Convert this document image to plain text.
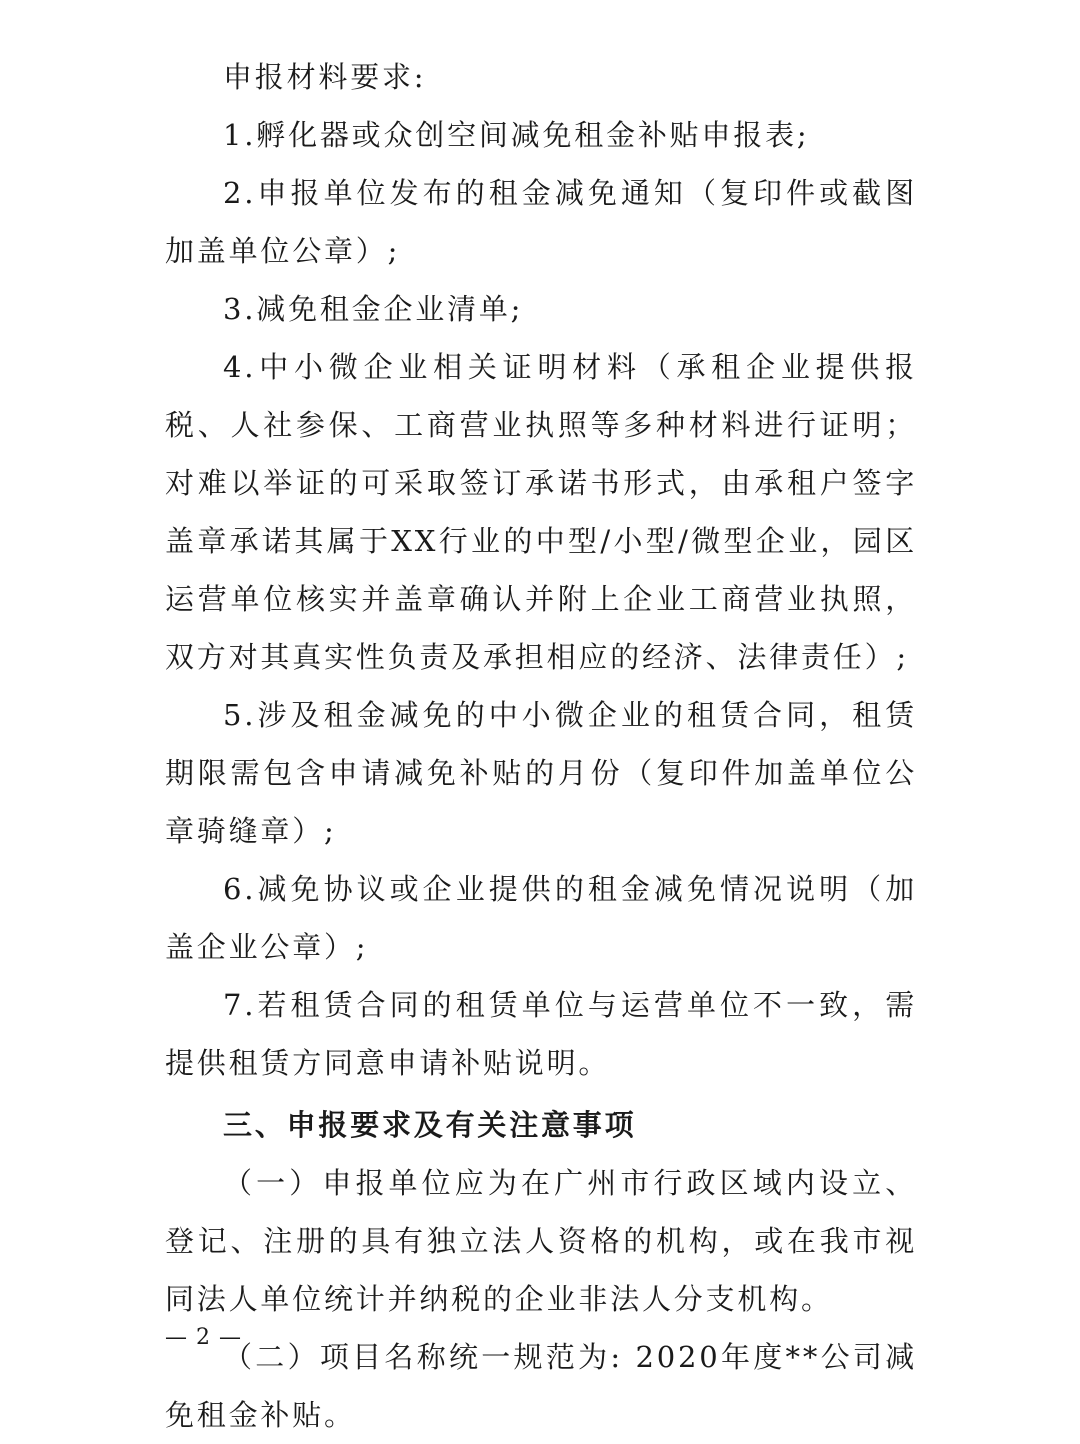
申报材料要求:

1.孵化器或众创空间减免租金补贴申报表;

2.申报单位发布的租金减免通知（复印件或截图加盖单位公章）;

3.减免租金企业清单;

4.中小微企业相关证明材料（承租企业提供报税、人社参保、工商营业执照等多种材料进行证明；对难以举证的可采取签订承诺书形式，由承租户签字盖章承诺其属于XX行业的中型/小型/微型企业，园区运营单位核实并盖章确认并附上企业工商营业执照，双方对其真实性负责及承担相应的经济、法律责任）;

5.涉及租金减免的中小微企业的租赁合同，租赁期限需包含申请减免补贴的月份（复印件加盖单位公章骑缝章）;

6.减免协议或企业提供的租金减免情况说明（加盖企业公章）;

7.若租赁合同的租赁单位与运营单位不一致，需提供租赁方同意申请补贴说明。

三、申报要求及有关注意事项

（一）申报单位应为在广州市行政区域内设立、登记、注册的具有独立法人资格的机构，或在我市视同法人单位统计并纳税的企业非法人分支机构。

（二）项目名称统一规范为: 2020年度**公司减免租金补贴。

— 2 —
